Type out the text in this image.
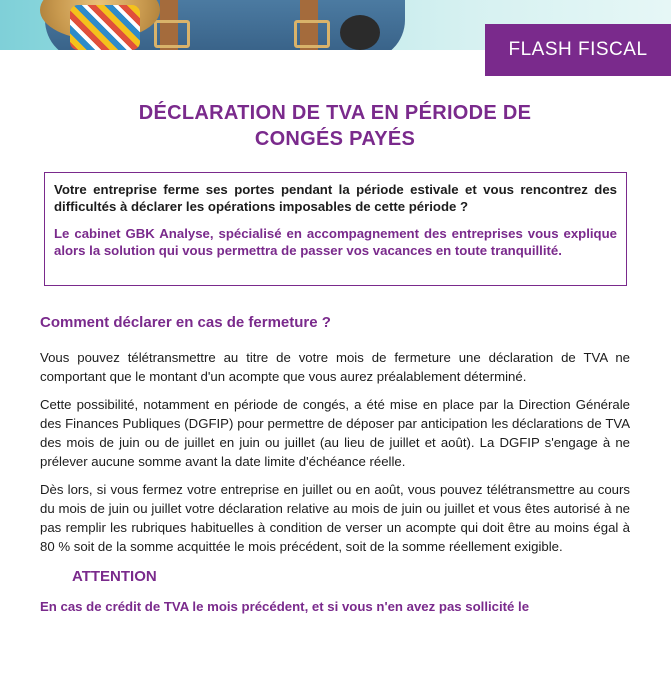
FLASH FISCAL
DÉCLARATION DE TVA EN PÉRIODE DE
CONGÉS PAYÉS

Votre entreprise ferme ses portes pendant la période estivale et vous rencontrez des difficultés à déclarer les opérations imposables de cette période ?

Le cabinet GBK Analyse, spécialisé en accompagnement des entreprises vous explique alors la solution qui vous permettra de passer vos vacances en toute tranquillité.

Comment déclarer en cas de fermeture ?

Vous pouvez télétransmettre au titre de votre mois de fermeture une déclaration de TVA ne comportant que le montant d'un acompte que vous aurez préalablement déterminé.

Cette possibilité, notamment en période de congés, a été mise en place par la Direction Générale des Finances Publiques (DGFIP) pour permettre de déposer par anticipation les déclarations de TVA des mois de juin ou de juillet en juin ou juillet (au lieu de juillet et août). La DGFIP s'engage à ne prélever aucune somme avant la date limite d'échéance réelle.

Dès lors, si vous fermez votre entreprise en juillet ou en août, vous pouvez télétransmettre au cours du mois de juin ou juillet votre déclaration relative au mois de juin ou juillet et vous êtes autorisé à ne pas remplir les rubriques habituelles à condition de verser un acompte qui doit être au moins égal à 80 % soit de la somme acquittée le mois précédent, soit de la somme réellement exigible.

ATTENTION

En cas de crédit de TVA le mois précédent, et si vous n'en avez pas sollicité le
